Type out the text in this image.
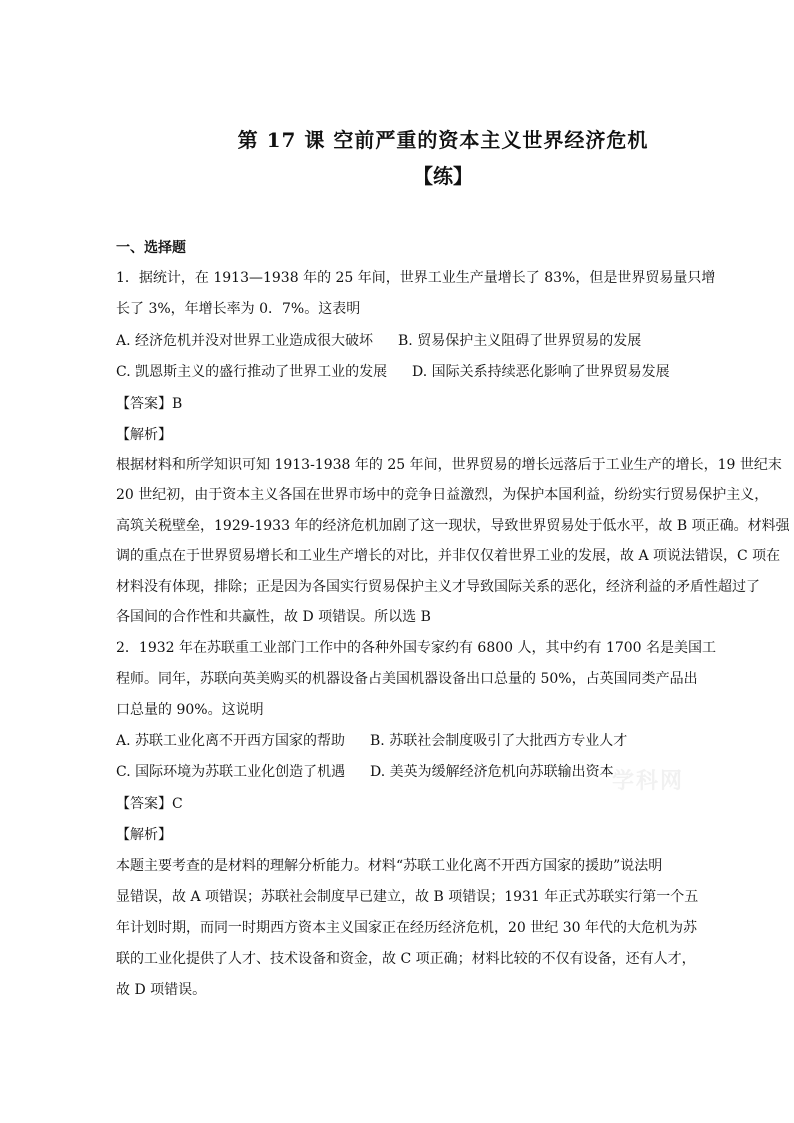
第 17 课 空前严重的资本主义世界经济危机
【练】
一、选择题
1．据统计，在 1913—1938 年的 25 年间，世界工业生产量增长了 83%，但是世界贸易量只增
长了 3%，年增长率为 0．7%。这表明
A. 经济危机并没对世界工业造成很大破坏 B. 贸易保护主义阻碍了世界贸易的发展
C. 凯恩斯主义的盛行推动了世界工业的发展 D. 国际关系持续恶化影响了世界贸易发展
【答案】B
【解析】
根据材料和所学知识可知 1913-1938 年的 25 年间，世界贸易的增长远落后于工业生产的增长，19 世纪末
20 世纪初，由于资本主义各国在世界市场中的竞争日益激烈，为保护本国利益，纷纷实行贸易保护主义，
高筑关税壁垒，1929-1933 年的经济危机加剧了这一现状，导致世界贸易处于低水平，故 B 项正确。材料强
调的重点在于世界贸易增长和工业生产增长的对比，并非仅仅着世界工业的发展，故 A 项说法错误，C 项在
材料没有体现，排除；正是因为各国实行贸易保护主义才导致国际关系的恶化，经济利益的矛盾性超过了
各国间的合作性和共赢性，故 D 项错误。所以选 B
2．1932 年在苏联重工业部门工作中的各种外国专家约有 6800 人，其中约有 1700 名是美国工
程师。同年，苏联向英美购买的机器设备占美国机器设备出口总量的 50%，占英国同类产品出
口总量的 90%。这说明
A. 苏联工业化离不开西方国家的帮助 B. 苏联社会制度吸引了大批西方专业人才
C. 国际环境为苏联工业化创造了机遇 D. 美英为缓解经济危机向苏联输出资本
学科网
【答案】C
【解析】
本题主要考查的是材料的理解分析能力。材料“苏联工业化离不开西方国家的援助”说法明
显错误，故 A 项错误；苏联社会制度早已建立，故 B 项错误；1931 年正式苏联实行第一个五
年计划时期，而同一时期西方资本主义国家正在经历经济危机，20 世纪 30 年代的大危机为苏
联的工业化提供了人才、技术设备和资金，故 C 项正确；材料比较的不仅有设备，还有人才，
故 D 项错误。
